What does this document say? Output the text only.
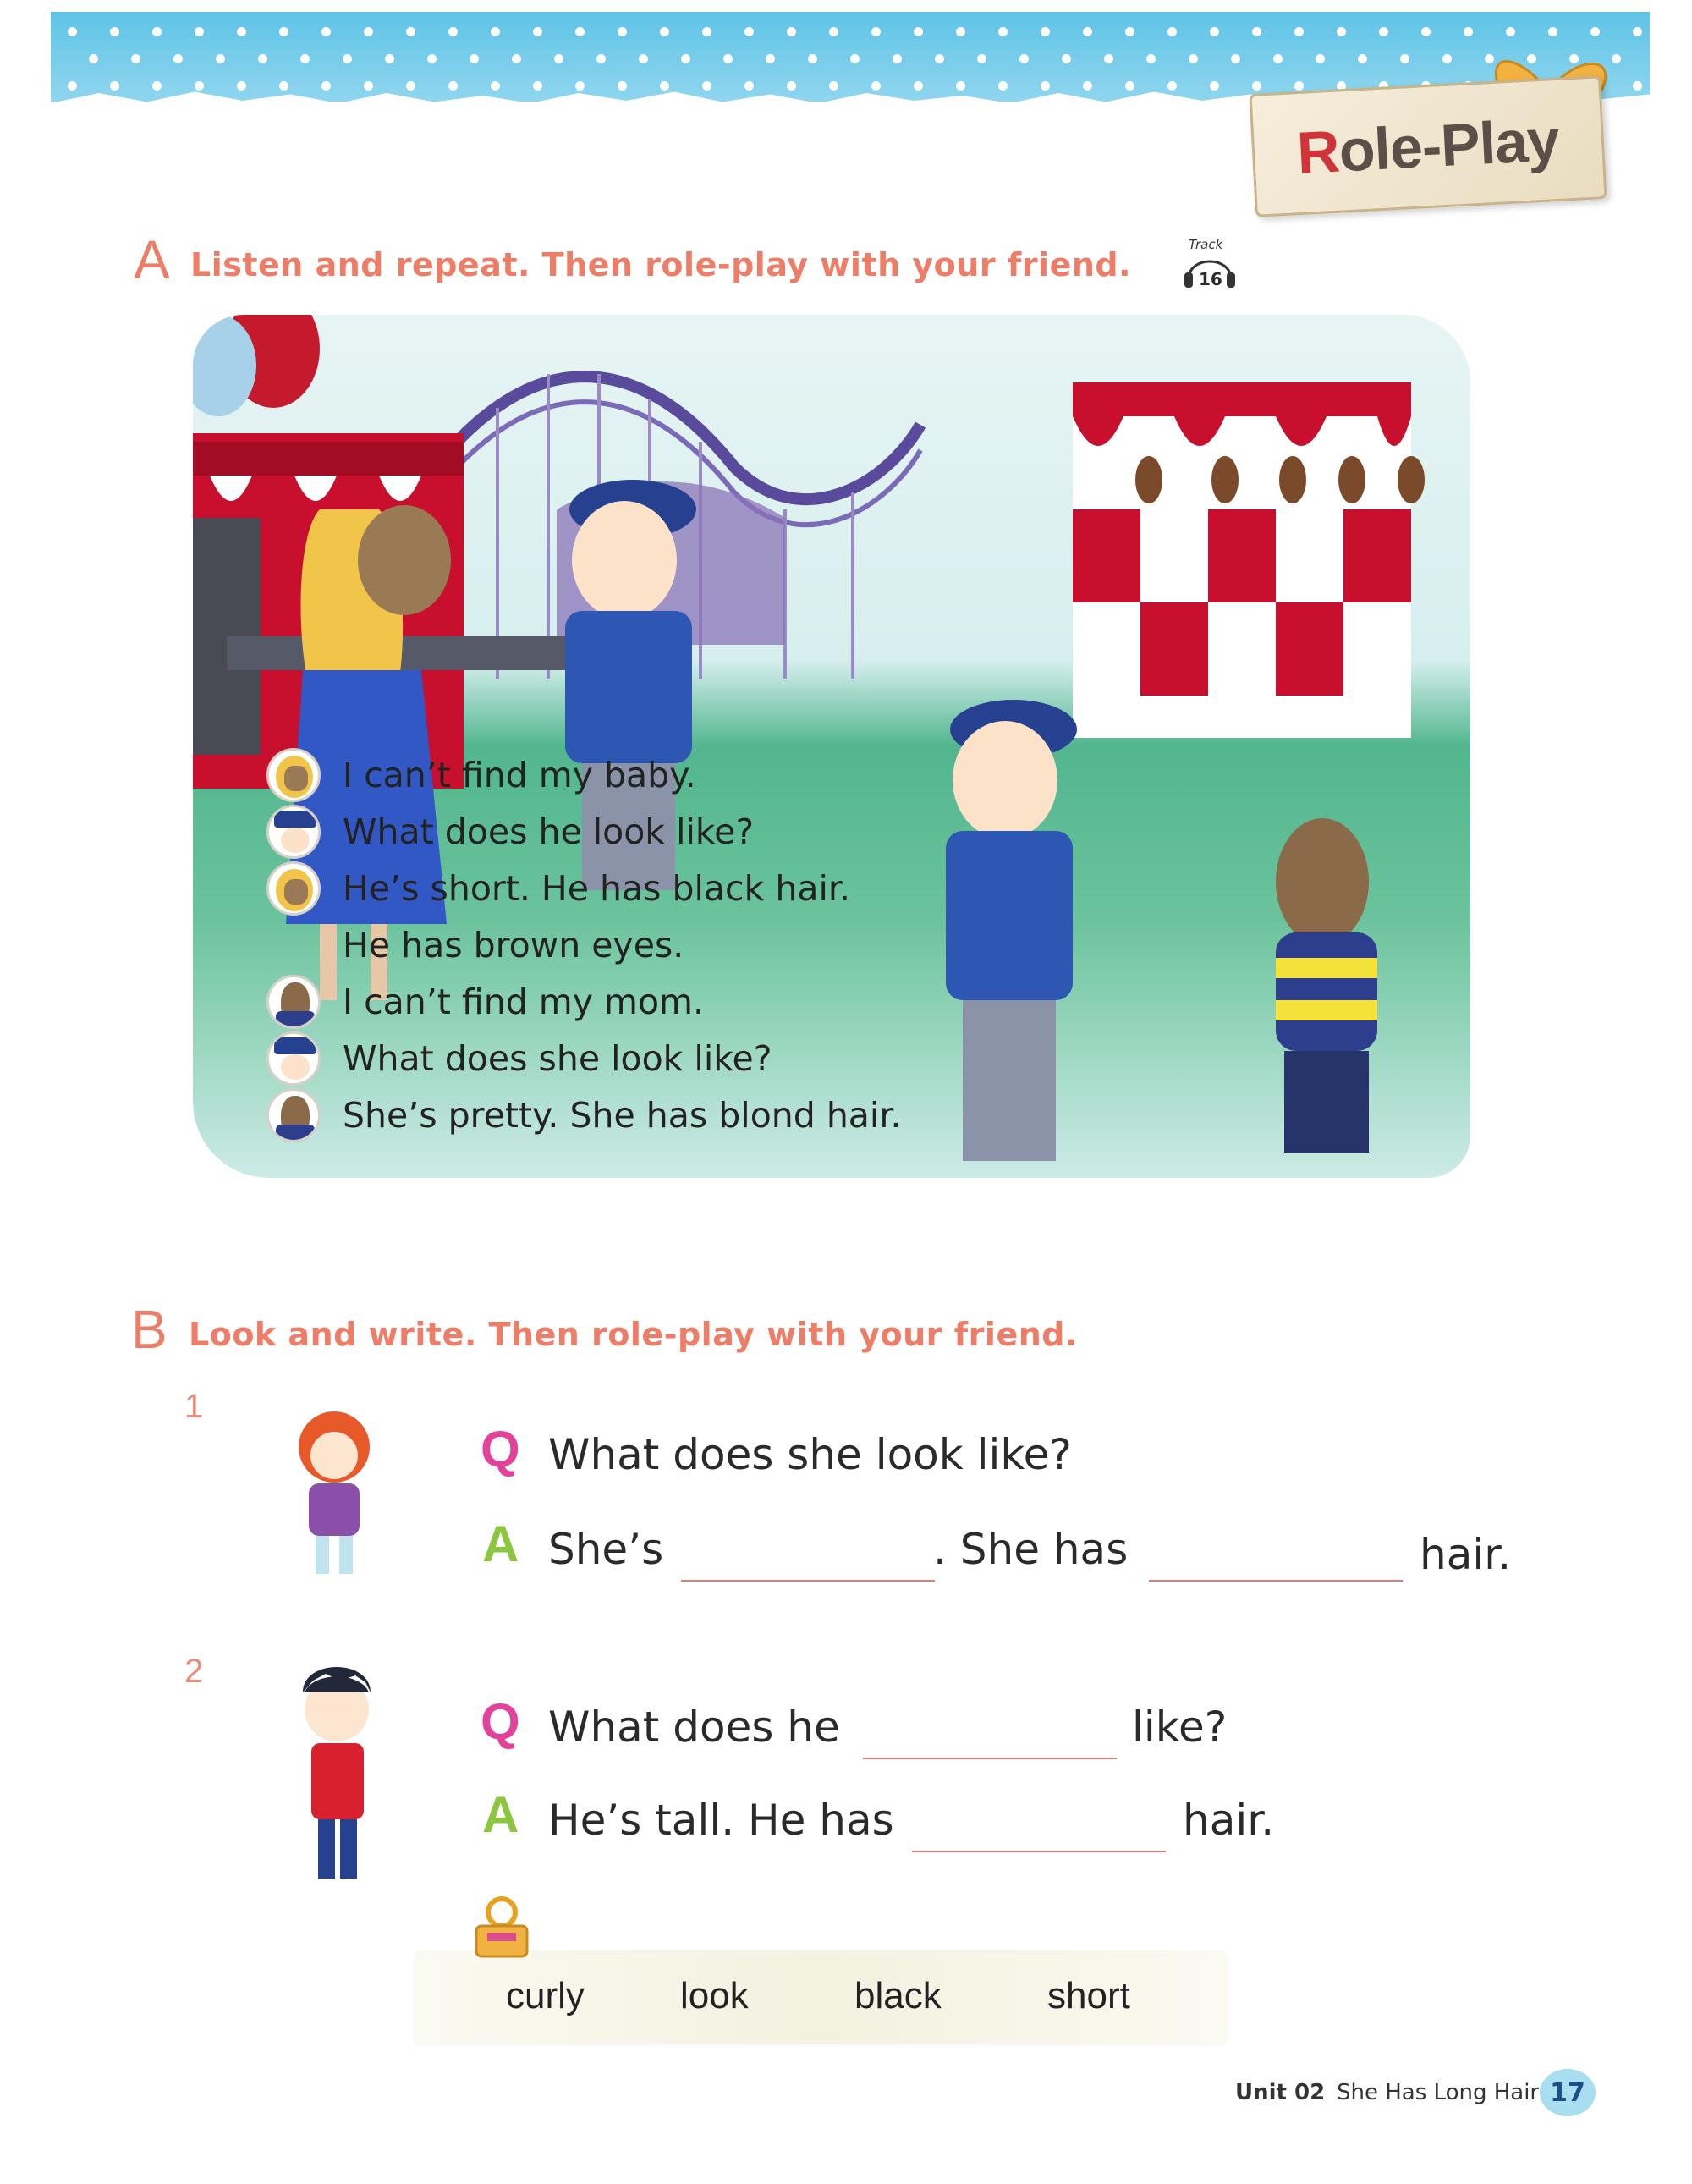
Role-Play
A Listen and repeat. Then role-play with your friend.
Track
16
I can’t find my baby.
What does he look like?
He’s short. He has black hair.
He has brown eyes.
I can’t find my mom.
What does she look like?
She’s pretty. She has blond hair.
B Look and write. Then role-play with your friend.
1
Q What does she look like?
A She’s	. She has	hair.
2
Q What does he	like?
A He’s tall. He has	hair.
curly	look	black	short
Unit 02 She Has Long Hair 17
